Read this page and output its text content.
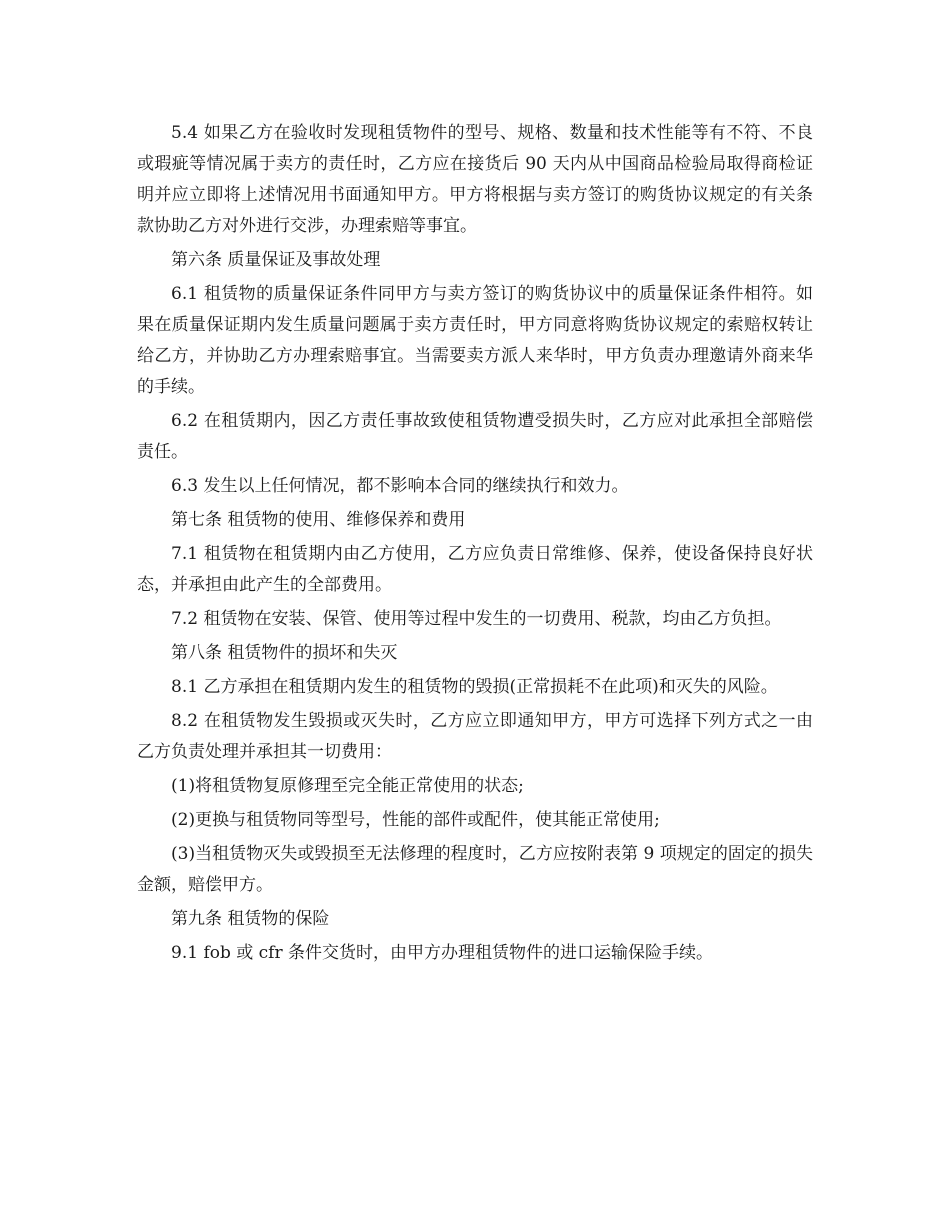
5.4 如果乙方在验收时发现租赁物件的型号、规格、数量和技术性能等有不符、不良或瑕疵等情况属于卖方的责任时，乙方应在接货后 90 天内从中国商品检验局取得商检证明并应立即将上述情况用书面通知甲方。甲方将根据与卖方签订的购货协议规定的有关条款协助乙方对外进行交涉，办理索赔等事宜。

第六条 质量保证及事故处理

6.1 租赁物的质量保证条件同甲方与卖方签订的购货协议中的质量保证条件相符。如果在质量保证期内发生质量问题属于卖方责任时，甲方同意将购货协议规定的索赔权转让给乙方，并协助乙方办理索赔事宜。当需要卖方派人来华时，甲方负责办理邀请外商来华的手续。

6.2 在租赁期内，因乙方责任事故致使租赁物遭受损失时，乙方应对此承担全部赔偿责任。

6.3 发生以上任何情况，都不影响本合同的继续执行和效力。

第七条 租赁物的使用、维修保养和费用

7.1 租赁物在租赁期内由乙方使用，乙方应负责日常维修、保养，使设备保持良好状态，并承担由此产生的全部费用。

7.2 租赁物在安装、保管、使用等过程中发生的一切费用、税款，均由乙方负担。

第八条 租赁物件的损坏和失灭

8.1 乙方承担在租赁期内发生的租赁物的毁损(正常损耗不在此项)和灭失的风险。

8.2 在租赁物发生毁损或灭失时，乙方应立即通知甲方，甲方可选择下列方式之一由乙方负责处理并承担其一切费用：

(1)将租赁物复原修理至完全能正常使用的状态;

(2)更换与租赁物同等型号，性能的部件或配件，使其能正常使用;

(3)当租赁物灭失或毁损至无法修理的程度时，乙方应按附表第 9 项规定的固定的损失金额，赔偿甲方。

第九条 租赁物的保险

9.1 fob 或 cfr 条件交货时，由甲方办理租赁物件的进口运输保险手续。
